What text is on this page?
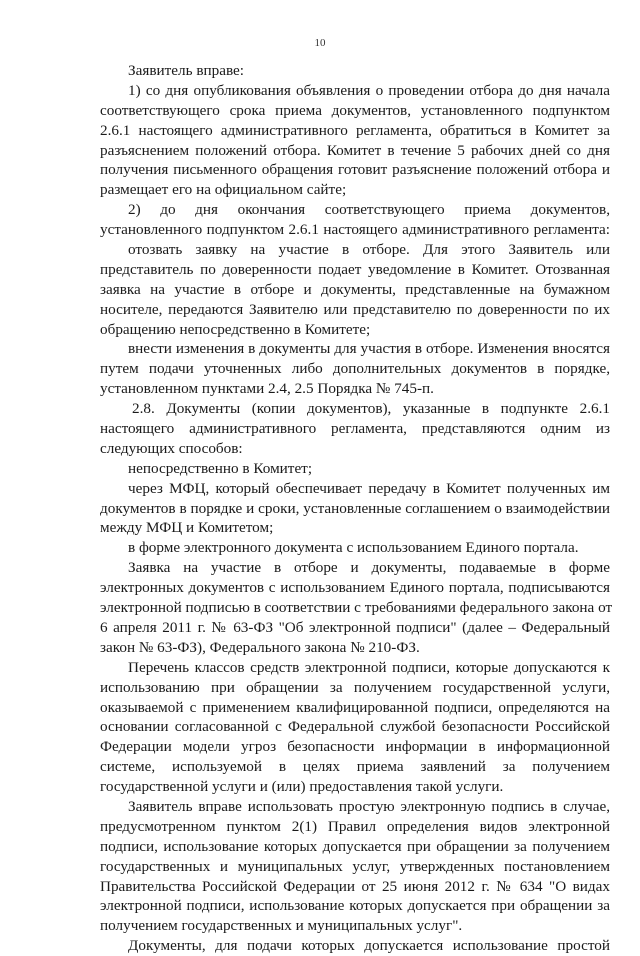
10
Заявитель вправе:
1) со дня опубликования объявления о проведении отбора до дня начала
соответствующего срока приема документов, установленного подпунктом
2.6.1 настоящего административного регламента, обратиться в Комитет за
разъяснением положений отбора. Комитет в течение 5 рабочих дней со дня
получения письменного обращения готовит разъяснение положений отбора и
размещает его на официальном сайте;
2) до дня окончания соответствующего приема документов,
установленного подпунктом 2.6.1 настоящего административного регламента:
отозвать заявку на участие в отборе. Для этого Заявитель или
представитель по доверенности подает уведомление в Комитет. Отозванная
заявка на участие в отборе и документы, представленные на бумажном
носителе, передаются Заявителю или представителю по доверенности по их
обращению непосредственно в Комитете;
внести изменения в документы для участия в отборе. Изменения вносятся
путем подачи уточненных либо дополнительных документов в порядке,
установленном пунктами 2.4, 2.5 Порядка № 745-п.
2.8. Документы (копии документов), указанные в подпункте 2.6.1
настоящего административного регламента, представляются одним из
следующих способов:
непосредственно в Комитет;
через МФЦ, который обеспечивает передачу в Комитет полученных им
документов в порядке и сроки, установленные соглашением о взаимодействии
между МФЦ и Комитетом;
в форме электронного документа с использованием Единого портала.
Заявка на участие в отборе и документы, подаваемые в форме
электронных документов с использованием Единого портала, подписываются
электронной подписью в соответствии с требованиями федерального закона от
6 апреля 2011 г. № 63-ФЗ "Об электронной подписи" (далее – Федеральный
закон № 63-ФЗ), Федерального закона № 210-ФЗ.
Перечень классов средств электронной подписи, которые допускаются к
использованию при обращении за получением государственной услуги,
оказываемой с применением квалифицированной подписи, определяются на
основании согласованной с Федеральной службой безопасности Российской
Федерации модели угроз безопасности информации в информационной
системе, используемой в целях приема заявлений за получением
государственной услуги и (или) предоставления такой услуги.
Заявитель вправе использовать простую электронную подпись в случае,
предусмотренном пунктом 2(1) Правил определения видов электронной
подписи, использование которых допускается при обращении за получением
государственных и муниципальных услуг, утвержденных постановлением
Правительства Российской Федерации от 25 июня 2012 г. № 634 "О видах
электронной подписи, использование которых допускается при обращении за
получением государственных и муниципальных услуг".
Документы, для подачи которых допускается использование простой
